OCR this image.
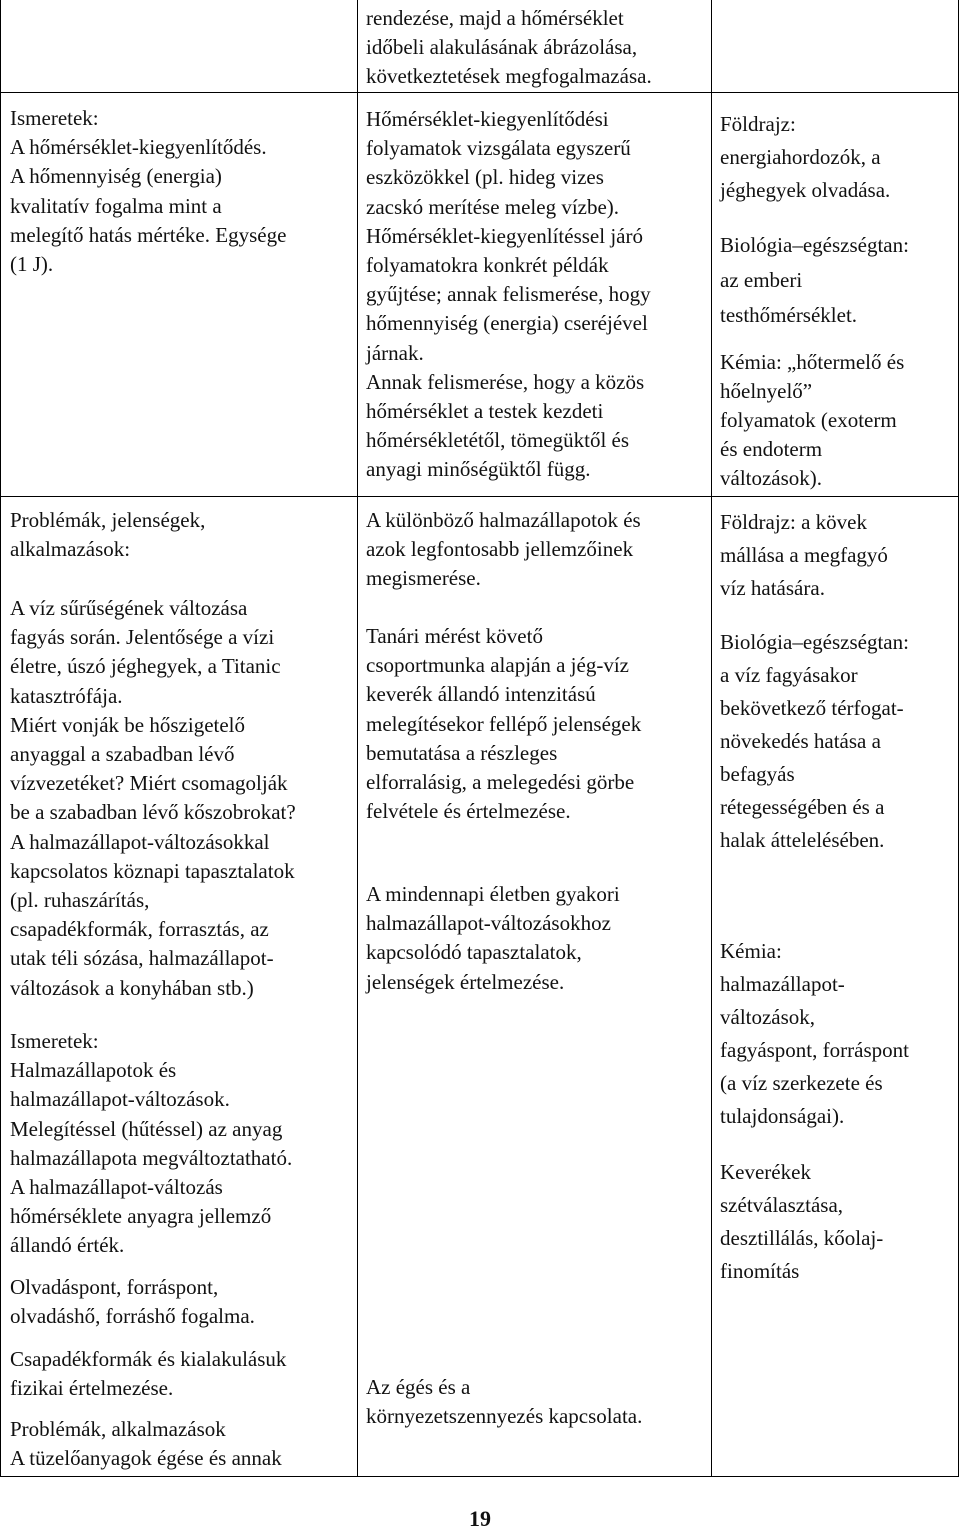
Ismeretek:
A hőmérséklet-kiegyenlítődés.
A hőmennyiség (energia)
kvalitatív fogalma mint a
melegítő hatás mértéke. Egysége
(1 J).
Problémák, jelenségek,
alkalmazások:
A víz sűrűségének változása
fagyás során. Jelentősége a vízi
életre, úszó jéghegyek, a Titanic
katasztrófája.
Miért vonják be hőszigetelő
anyaggal a szabadban lévő
vízvezetéket? Miért csomagolják
be a szabadban lévő kőszobrokat?
A halmazállapot-változásokkal
kapcsolatos köznapi tapasztalatok
(pl. ruhaszárítás,
csapadékformák, forrasztás, az
utak téli sózása, halmazállapot-
változások a konyhában stb.)
Ismeretek:
Halmazállapotok és
halmazállapot-változások.
Melegítéssel (hűtéssel) az anyag
halmazállapota megváltoztatható.
A halmazállapot-változás
hőmérséklete anyagra jellemző
állandó érték.
Olvadáspont, forráspont,
olvadáshő, forráshő fogalma.
Csapadékformák és kialakulásuk
fizikai értelmezése.
Problémák, alkalmazások
A tüzelőanyagok égése és annak
rendezése, majd a hőmérséklet
időbeli alakulásának ábrázolása,
következtetések megfogalmazása.
Hőmérséklet-kiegyenlítődési
folyamatok vizsgálata egyszerű
eszközökkel (pl. hideg vizes
zacskó merítése meleg vízbe).
Hőmérséklet-kiegyenlítéssel járó
folyamatokra konkrét példák
gyűjtése; annak felismerése, hogy
hőmennyiség (energia) cseréjével
járnak.
Annak felismerése, hogy a közös
hőmérséklet a testek kezdeti
hőmérsékletétől, tömegüktől és
anyagi minőségüktől függ.
A különböző halmazállapotok és
azok legfontosabb jellemzőinek
megismerése.
Tanári mérést követő
csoportmunka alapján a jég-víz
keverék állandó intenzitású
melegítésekor fellépő jelenségek
bemutatása a részleges
elforralásig, a melegedési görbe
felvétele és értelmezése.
A mindennapi életben gyakori
halmazállapot-változásokhoz
kapcsolódó tapasztalatok,
jelenségek értelmezése.
Az égés és a
környezetszennyezés kapcsolata.
Földrajz:
energiahordozók, a
jéghegyek olvadása.
Biológia–egészségtan:
az emberi
testhőmérséklet.
Kémia: „hőtermelő és
hőelnyelő”
folyamatok (exoterm
és endoterm
változások).
Földrajz: a kövek
mállása a megfagyó
víz hatására.
Biológia–egészségtan:
a víz fagyásakor
bekövetkező térfogat-
növekedés hatása a
befagyás
rétegességében és a
halak áttelelésében.
Kémia:
halmazállapot-
változások,
fagyáspont, forráspont
(a víz szerkezete és
tulajdonságai).
Keverékek
szétválasztása,
desztillálás, kőolaj-
finomítás
19
